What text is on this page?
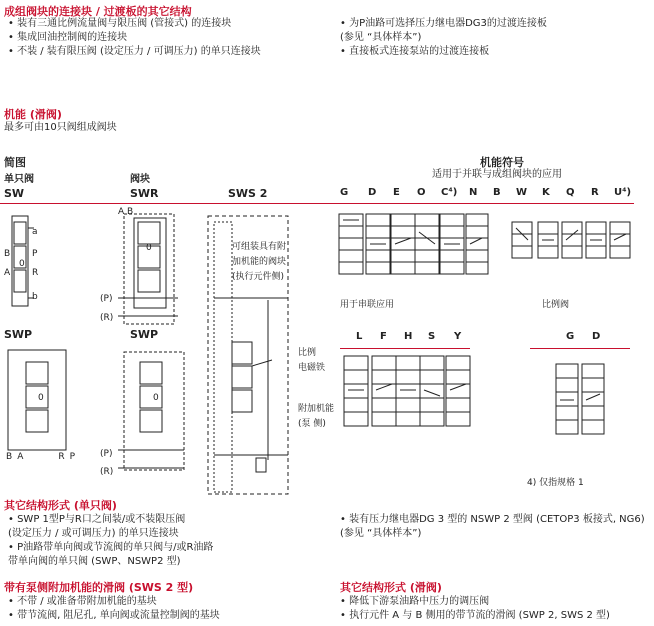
成组阀块的连接块 / 过渡板的其它结构
• 装有三通比例流量阀与限压阀 (管接式) 的连接块
• 集成回油控制阀的连接块
• 不装 / 装有限压阀 (设定压力 / 可调压力) 的单只连接块
• 为P油路可选择压力继电器DG3的过渡连接板
(参见 “具体样本”)
• 直接板式连接泵站的过渡连接板
机能 (滑阀)
最多可由10只阀组成阀块
简图
单只阀	阀块
SW	SWR	SWS 2
机能符号
适用于并联与成组阀块的应用
G D E O C⁴) N B W K Q R U⁴)
L F H S Y	G D
用于串联应用	比例阀
4) 仅指规格 1
SWP	SWP
可组装具有附
加机能的阀块
(执行元件侧)
比例
电磁铁
附加机能
(泵 侧)
(P)
(R)
(P)
(R)
A B
BA	RP
B P
A R
a
b
0
0
0	0
其它结构形式 (单只阀)
• SWP 1型P与R口之间装/或不装限压阀
(设定压力 / 或可调压力) 的单只连接块
• P油路带单向阀或节流阀的单只阀与/或R油路
带单向阀的单只阀 (SWP、NSWP2 型)
• 装有压力继电器DG 3 型的 NSWP 2 型阀 (CETOP3 板接式, NG6)
(参见 “具体样本”)
带有泵侧附加机能的滑阀 (SWS 2 型)
• 不带 / 或准备带附加机能的基块
• 带节流阀, 阻尼孔, 单向阀或流量控制阀的基块
其它结构形式 (滑阀)
• 降低下游泵油路中压力的调压阀
• 执行元件 A 与 B 侧用的带节流的滑阀 (SWP 2, SWS 2 型)
